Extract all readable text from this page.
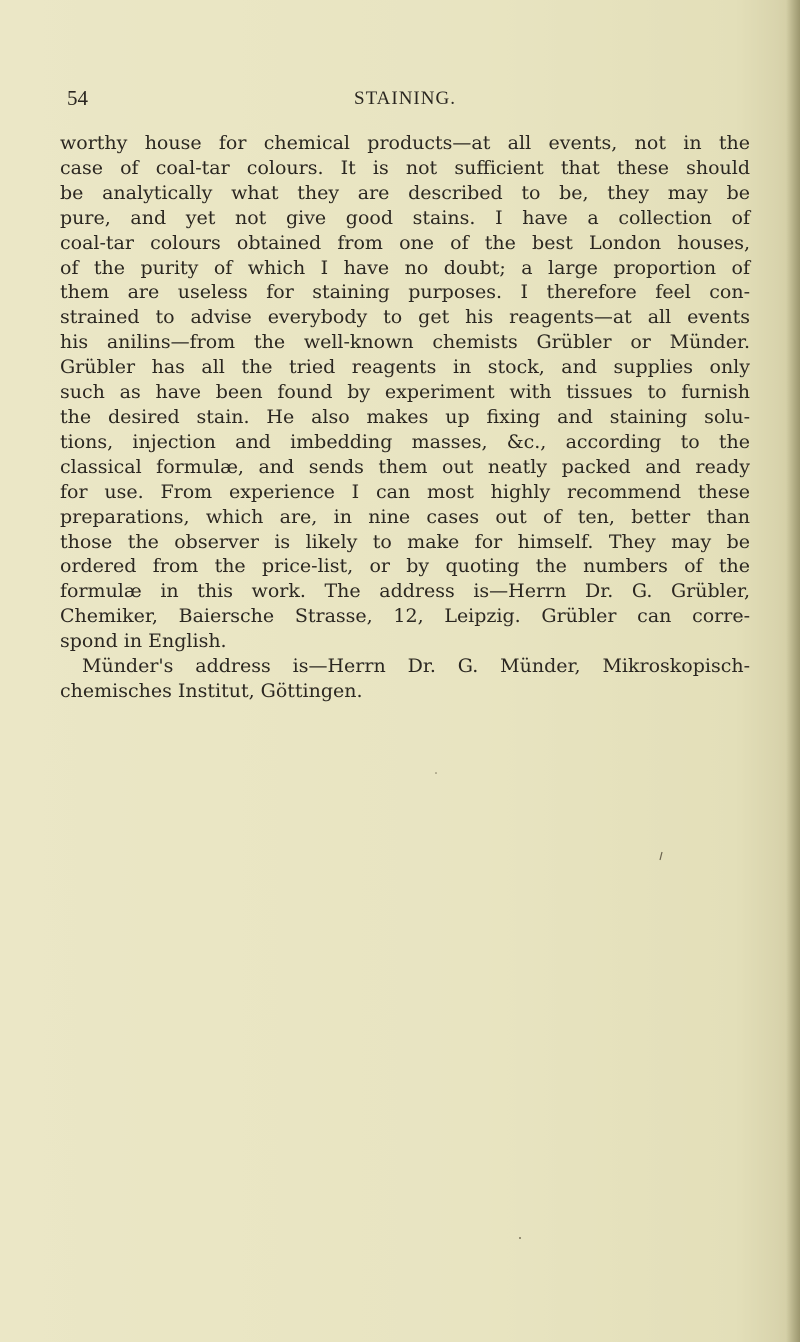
54	STAINING.

worthy house for chemical products—at all events, not in the

case of coal-tar colours. It is not sufficient that these should

be analytically what they are described to be, they may be

pure, and yet not give good stains. I have a collection of

coal-tar colours obtained from one of the best London houses,

of the purity of which I have no doubt; a large proportion of

them are useless for staining purposes. I therefore feel con-

strained to advise everybody to get his reagents—at all events

his anilins—from the well-known chemists Grübler or Münder.

Grübler has all the tried reagents in stock, and supplies only

such as have been found by experiment with tissues to furnish

the desired stain. He also makes up fixing and staining solu-

tions, injection and imbedding masses, &c., according to the

classical formulæ, and sends them out neatly packed and ready

for use. From experience I can most highly recommend these

preparations, which are, in nine cases out of ten, better than

those the observer is likely to make for himself. They may be

ordered from the price-list, or by quoting the numbers of the

formulæ in this work. The address is—Herrn Dr. G. Grübler,

Chemiker, Baiersche Strasse, 12, Leipzig. Grübler can corre-

spond in English.

Münder's address is—Herrn Dr. G. Münder, Mikroskopisch-

chemisches Institut, Göttingen.
